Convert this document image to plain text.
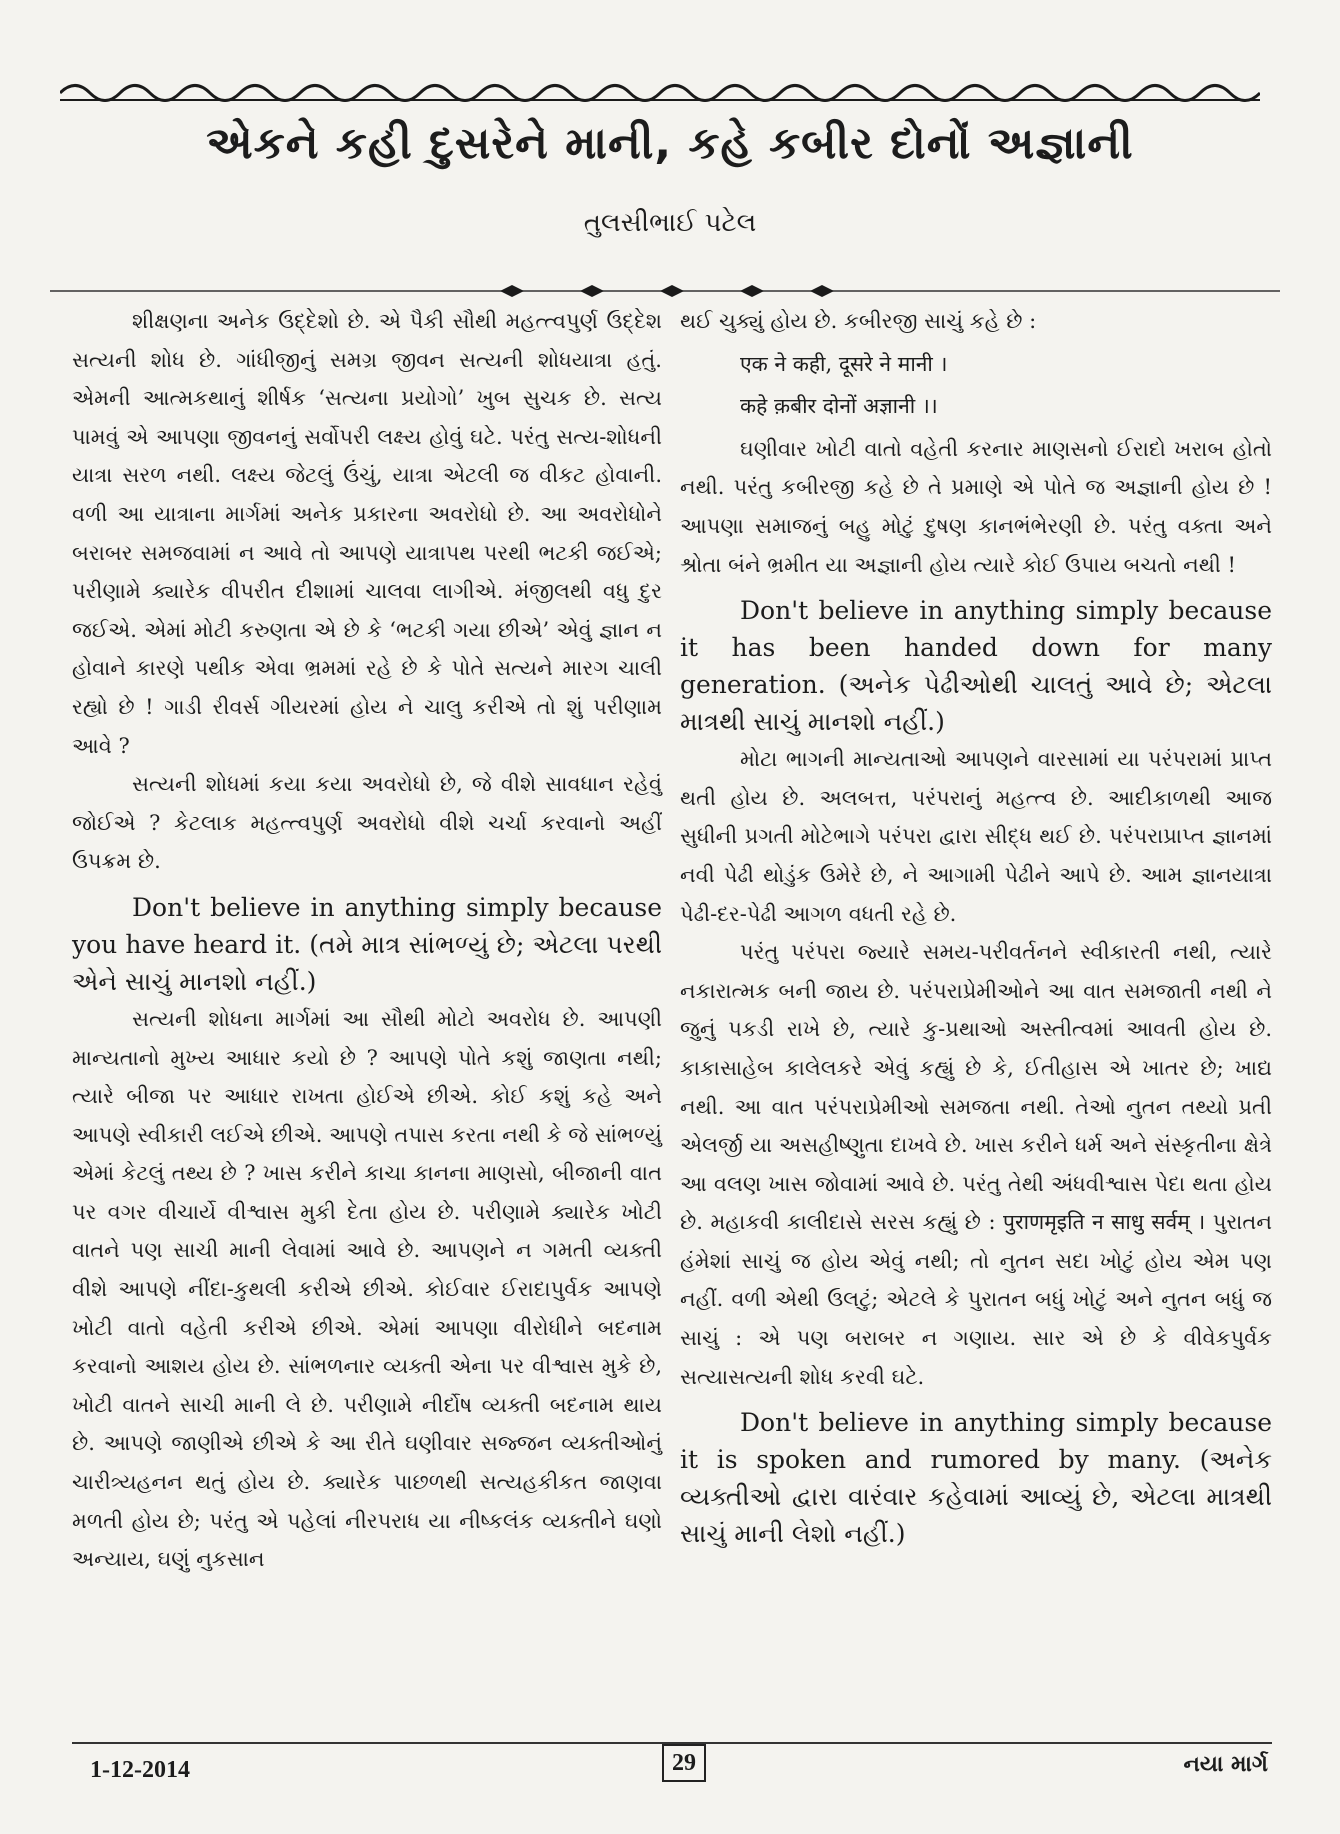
એકને કહી દુસરેને માની, કહે કબીર દોનોં અજ્ઞાની
તુલસીભાઈ પટેલ

શીક્ષણના અનેક ઉદ્દેશો છે. એ પૈકી સૌથી મહત્ત્વપુર્ણ ઉદ્દેશ સત્યની શોધ છે. ગાંધીજીનું સમગ્ર જીવન સત્યની શોધયાત્રા હતું. એમની આત્મકથાનું શીર્ષક ‘સત્યના પ્રયોગો’ ખુબ સુચક છે. સત્ય પામવું એ આપણા જીવનનું સર્વોપરી લક્ષ્ય હોવું ઘટે. પરંતુ સત્ય-શોધની યાત્રા સરળ નથી. લક્ષ્ય જેટલું ઉંચું, યાત્રા એટલી જ વીકટ હોવાની. વળી આ યાત્રાના માર્ગમાં અનેક પ્રકારના અવરોધો છે. આ અવરોધોને બરાબર સમજવામાં ન આવે તો આપણે યાત્રાપથ પરથી ભટકી જઈએ; પરીણામે ક્યારેક વીપરીત દીશામાં ચાલવા લાગીએ. મંજીલથી વધુ દુર જઈએ. એમાં મોટી કરુણતા એ છે કે ‘ભટકી ગયા છીએ’ એવું જ્ઞાન ન હોવાને કારણે પથીક એવા ભ્રમમાં રહે છે કે પોતે સત્યને મારગ ચાલી રહ્યો છે ! ગાડી રીવર્સ ગીયરમાં હોય ને ચાલુ કરીએ તો શું પરીણામ આવે ?

સત્યની શોધમાં કયા કયા અવરોધો છે, જે વીશે સાવધાન રહેવું જોઈએ ? કેટલાક મહત્ત્વપુર્ણ અવરોધો વીશે ચર્ચા કરવાનો અહીં ઉપક્રમ છે.

Don't believe in anything simply because you have heard it. (તમે માત્ર સાંભળ્યું છે; એટલા પરથી એને સાચું માનશો નહીં.)

સત્યની શોધના માર્ગમાં આ સૌથી મોટો અવરોધ છે. આપણી માન્યતાનો મુખ્ય આધાર કયો છે ? આપણે પોતે કશું જાણતા નથી; ત્યારે બીજા પર આધાર રાખતા હોઈએ છીએ. કોઈ કશું કહે અને આપણે સ્વીકારી લઈએ છીએ. આપણે તપાસ કરતા નથી કે જે સાંભળ્યું એમાં કેટલું તથ્ય છે ? ખાસ કરીને કાચા કાનના માણસો, બીજાની વાત પર વગર વીચાર્યે વીશ્વાસ મુકી દેતા હોય છે. પરીણામે ક્યારેક ખોટી વાતને પણ સાચી માની લેવામાં આવે છે. આપણને ન ગમતી વ્યક્તી વીશે આપણે નીંદા-કુથલી કરીએ છીએ. કોઈવાર ઈરાદાપુર્વક આપણે ખોટી વાતો વહેતી કરીએ છીએ. એમાં આપણા વીરોધીને બદનામ કરવાનો આશય હોય છે. સાંભળનાર વ્યક્તી એના પર વીશ્વાસ મુકે છે, ખોટી વાતને સાચી માની લે છે. પરીણામે નીર્દોષ વ્યક્તી બદનામ થાય છે. આપણે જાણીએ છીએ કે આ રીતે ઘણીવાર સજ્જન વ્યક્તીઓનું ચારીત્ર્યહનન થતું હોય છે. ક્યારેક પાછળથી સત્યહકીકત જાણવા મળતી હોય છે; પરંતુ એ પહેલાં નીરપરાધ યા નીષ્કલંક વ્યક્તીને ઘણો અન્યાય, ઘણું નુકસાન

થઈ ચુક્યું હોય છે. કબીરજી સાચું કહે છે :

एक ने कही, दूसरे ने मानी ।

कहे क़बीर दोनों अज्ञानी ।।

ઘણીવાર ખોટી વાતો વહેતી કરનાર માણસનો ઈરાદો ખરાબ હોતો નથી. પરંતુ કબીરજી કહે છે તે પ્રમાણે એ પોતે જ અજ્ઞાની હોય છે ! આપણા સમાજનું બહુ મોટું દુષણ કાનભંભેરણી છે. પરંતુ વક્તા અને શ્રોતા બંને ભ્રમીત યા અજ્ઞાની હોય ત્યારે કોઈ ઉપાય બચતો નથી !

Don't believe in anything simply because it has been handed down for many generation. (અનેક પેઢીઓથી ચાલતું આવે છે; એટલા માત્રથી સાચું માનશો નહીં.)

મોટા ભાગની માન્યતાઓ આપણને વારસામાં યા પરંપરામાં પ્રાપ્ત થતી હોય છે. અલબત્ત, પરંપરાનું મહત્ત્વ છે. આદીકાળથી આજ સુધીની પ્રગતી મોટેભાગે પરંપરા દ્વારા સીદ્ધ થઈ છે. પરંપરાપ્રાપ્ત જ્ઞાનમાં નવી પેઢી થોડુંક ઉમેરે છે, ને આગામી પેઢીને આપે છે. આમ જ્ઞાનયાત્રા પેઢી-દર-પેઢી આગળ વધતી રહે છે.

પરંતુ પરંપરા જ્યારે સમય-પરીવર્તનને સ્વીકારતી નથી, ત્યારે નકારાત્મક બની જાય છે. પરંપરાપ્રેમીઓને આ વાત સમજાતી નથી ને જુનું પકડી રાખે છે, ત્યારે કુ-પ્રથાઓ અસ્તીત્વમાં આવતી હોય છે. કાકાસાહેબ કાલેલકરે એવું કહ્યું છે કે, ઈતીહાસ એ ખાતર છે; ખાદ્ય નથી. આ વાત પરંપરાપ્રેમીઓ સમજતા નથી. તેઓ નુતન તથ્યો પ્રતી એલર્જી યા અસહીષ્ણુતા દાખવે છે. ખાસ કરીને ધર્મ અને સંસ્કૃતીના ક્ષેત્રે આ વલણ ખાસ જોવામાં આવે છે. પરંતુ તેથી અંધવીશ્વાસ પેદા થતા હોય છે. મહાકવી કાલીદાસે સરસ કહ્યું છે : पुराणमृइति न साधु सर्वम् । પુરાતન હંમેશાં સાચું જ હોય એવું નથી; તો નુતન સદા ખોટું હોય એમ પણ નહીં. વળી એથી ઉલટું; એટલે કે પુરાતન બધું ખોટું અને નુતન બધું જ સાચું : એ પણ બરાબર ન ગણાય. સાર એ છે કે વીવેકપુર્વક સત્યાસત્યની શોધ કરવી ઘટે.

Don't believe in anything simply because it is spoken and rumored by many. (અનેક વ્યક્તીઓ દ્વારા વારંવાર કહેવામાં આવ્યું છે, એટલા માત્રથી સાચું માની લેશો નહીં.)

1-12-2014	29	નયા માર્ગ
